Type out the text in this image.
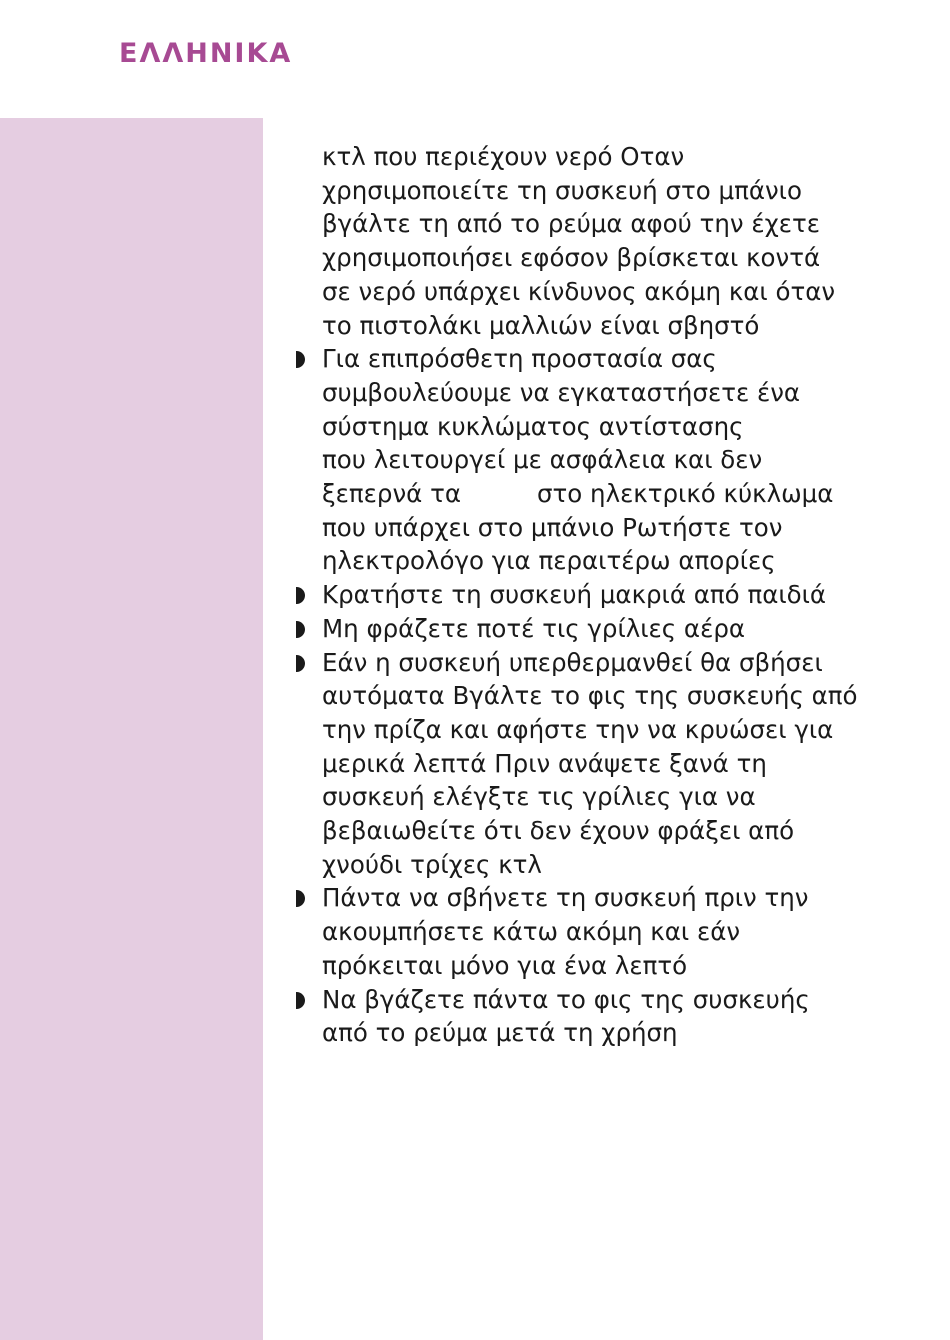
ΕΛΛΗΝΙΚΑ
κτλ που περιέχουν νερό Οταν
χρησιμοποιείτε τη συσκευή στο μπάνιο
βγάλτε τη από το ρεύμα αφού την έχετε
χρησιμοποιήσει εφόσον βρίσκεται κοντά
σε νερό υπάρχει κίνδυνος ακόμη και όταν
το πιστολάκι μαλλιών είναι σβηστό
Για επιπρόσθετη προστασία σας
συμβουλεύουμε να εγκαταστήσετε ένα
σύστημα κυκλώματος αντίστασης
που λειτουργεί με ασφάλεια και δεν
ξεπερνά τα	στο ηλεκτρικό κύκλωμα
που υπάρχει στο μπάνιο Ρωτήστε τον
ηλεκτρολόγο για περαιτέρω απορίες
Κρατήστε τη συσκευή μακριά από παιδιά
Μη φράζετε ποτέ τις γρίλιες αέρα
Εάν η συσκευή υπερθερμανθεί θα σβήσει
αυτόματα Βγάλτε το φις της συσκευής από
την πρίζα και αφήστε την να κρυώσει για
μερικά λεπτά Πριν ανάψετε ξανά τη
συσκευή ελέγξτε τις γρίλιες για να
βεβαιωθείτε ότι δεν έχουν φράξει από
χνούδι τρίχες κτλ
Πάντα να σβήνετε τη συσκευή πριν την
ακουμπήσετε κάτω ακόμη και εάν
πρόκειται μόνο για ένα λεπτό
Να βγάζετε πάντα το φις της συσκευής
από το ρεύμα μετά τη χρήση
